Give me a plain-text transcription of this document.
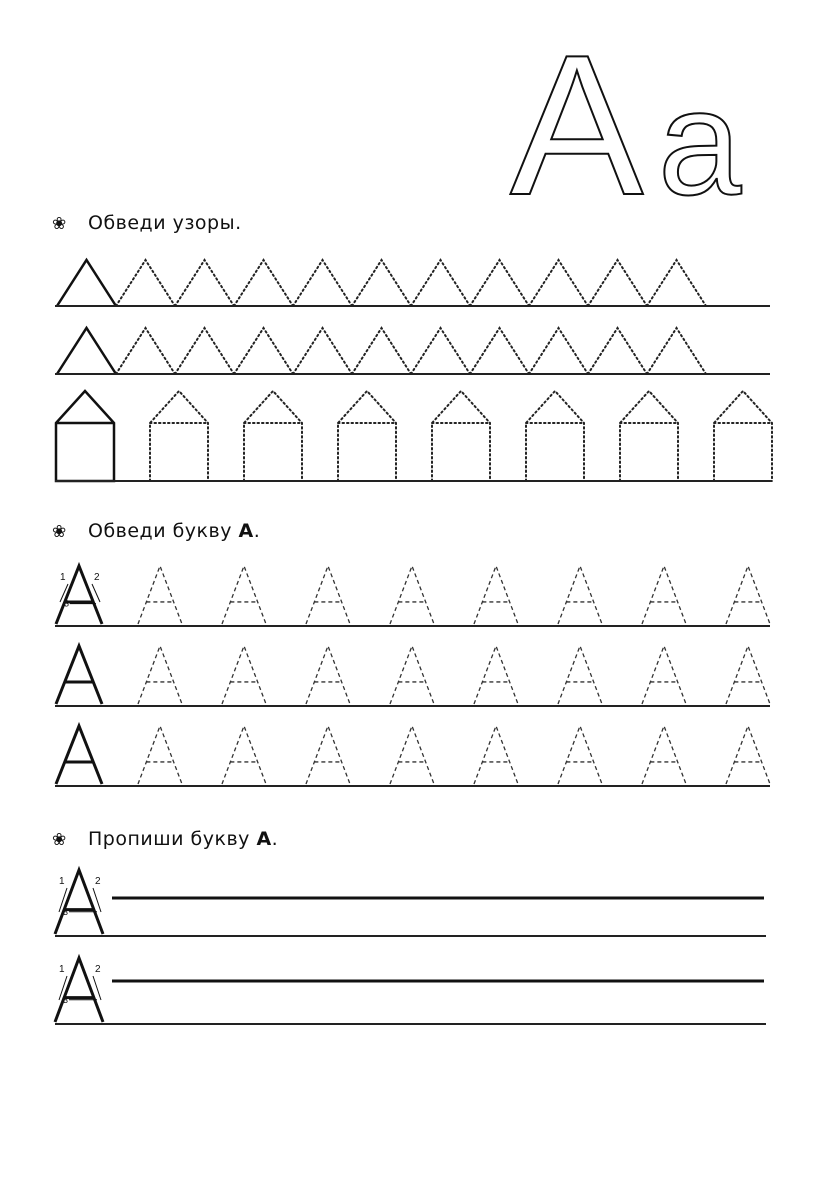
A a
❀ Обведи узоры.
❀ Обведи букву А.
❀ Пропиши букву А.
1	2
3
1	2
3
1	2
3
